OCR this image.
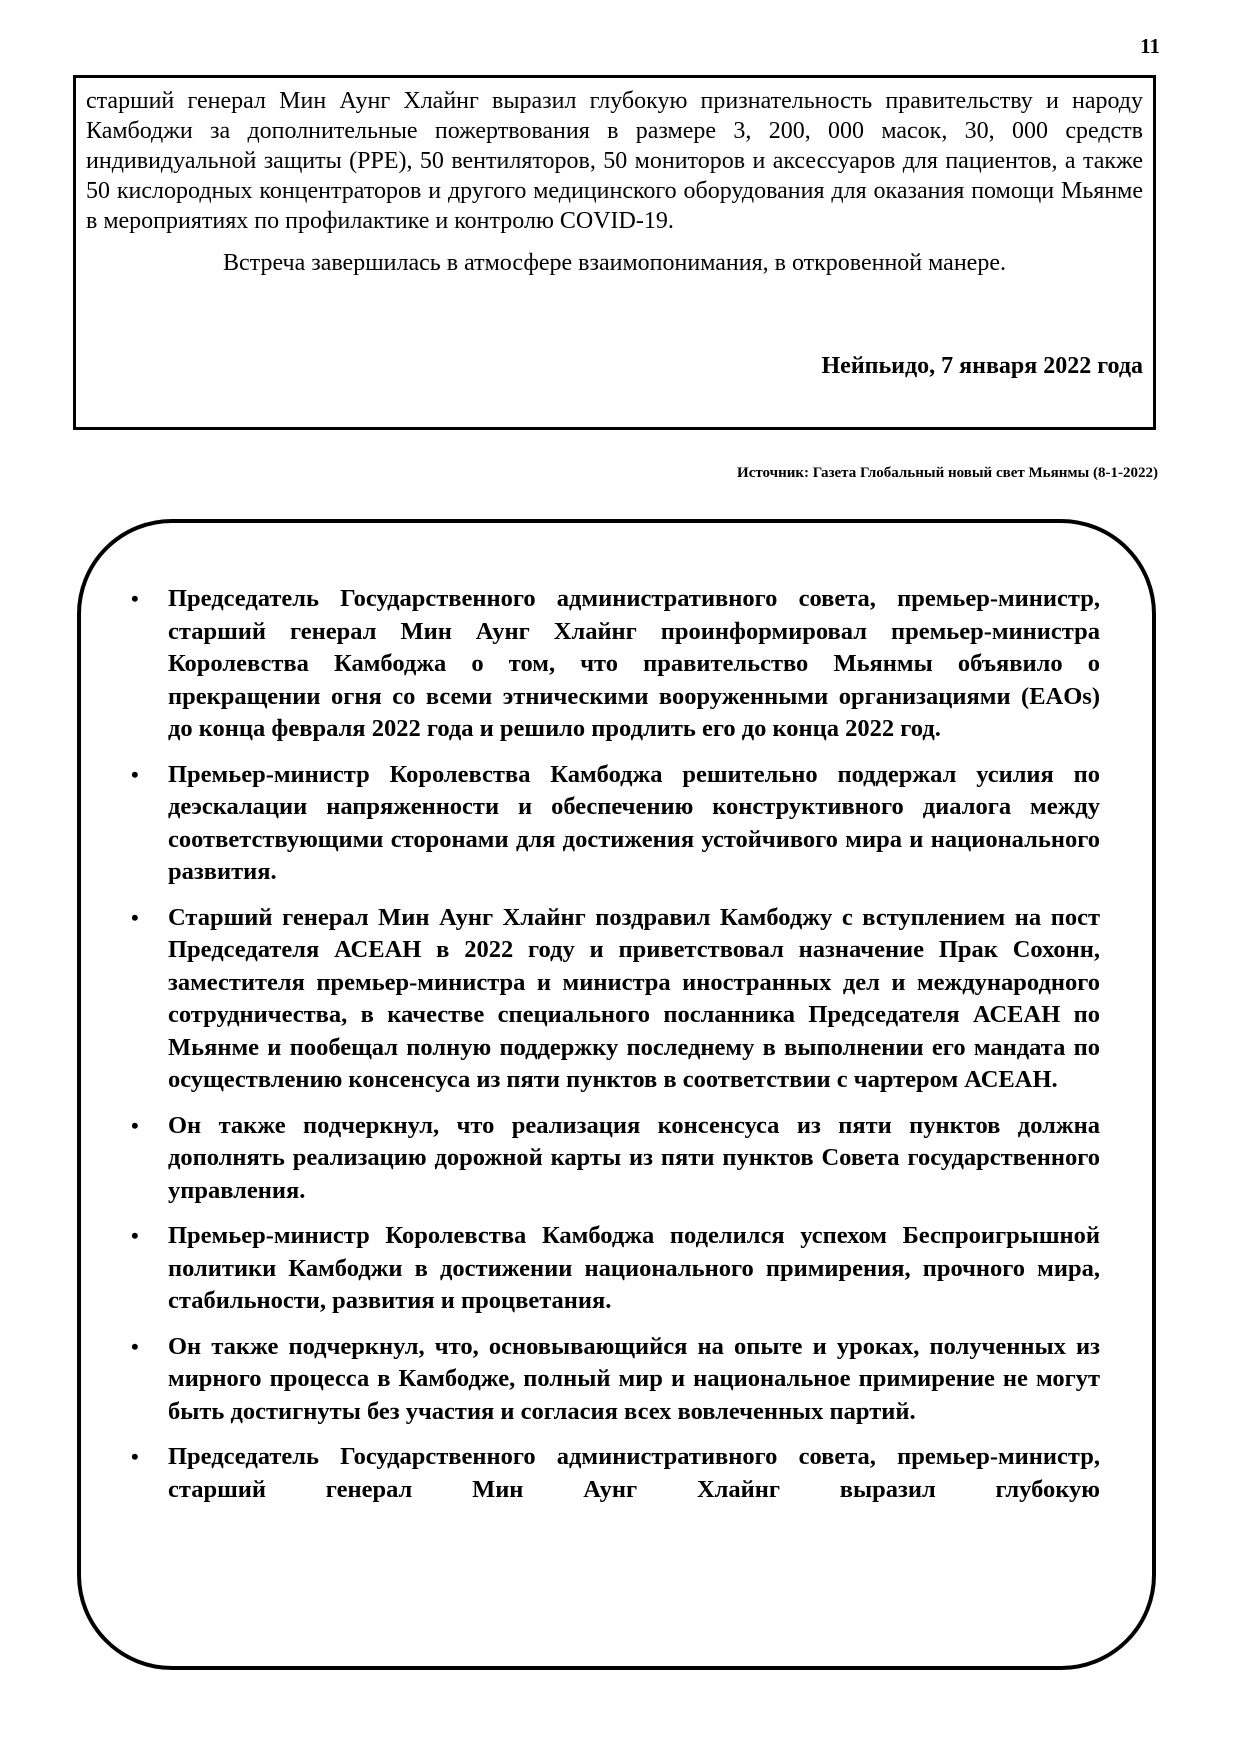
11

старший генерал Мин Аунг Хлайнг выразил глубокую признательность правительству и народу Камбоджи за дополнительные пожертвования в размере 3, 200, 000 масок, 30, 000 средств индивидуальной защиты (PPE), 50 вентиляторов, 50 мониторов и аксессуаров для пациентов, а также 50 кислородных концентраторов и другого медицинского оборудования для оказания помощи Мьянме в мероприятиях по профилактике и контролю COVID-19.

Встреча завершилась в атмосфере взаимопонимания, в откровенной манере.

Нейпьидо, 7 января 2022 года
Источник: Газета Глобальный новый свет Мьянмы (8-1-2022)
• Председатель Государственного административного совета, премьер-министр, старший генерал Мин Аунг Хлайнг проинформировал премьер-министра Королевства Камбоджа о том, что правительство Мьянмы объявило о прекращении огня со всеми этническими вооруженными организациями (EAOs) до конца февраля 2022 года и решило продлить его до конца 2022 год.
• Премьер-министр Королевства Камбоджа решительно поддержал усилия по деэскалации напряженности и обеспечению конструктивного диалога между соответствующими сторонами для достижения устойчивого мира и национального развития.
• Старший генерал Мин Аунг Хлайнг поздравил Камбоджу с вступлением на пост Председателя АСЕАН в 2022 году и приветствовал назначение Прак Сохонн, заместителя премьер-министра и министра иностранных дел и международного сотрудничества, в качестве специального посланника Председателя АСЕАН по Мьянме и пообещал полную поддержку последнему в выполнении его мандата по осуществлению консенсуса из пяти пунктов в соответствии с чартером АСЕАН.
• Он также подчеркнул, что реализация консенсуса из пяти пунктов должна дополнять реализацию дорожной карты из пяти пунктов Совета государственного управления.
• Премьер-министр Королевства Камбоджа поделился успехом Беспроигрышной политики Камбоджи в достижении национального примирения, прочного мира, стабильности, развития и процветания.
• Он также подчеркнул, что, основывающийся на опыте и уроках, полученных из мирного процесса в Камбодже, полный мир и национальное примирение не могут быть достигнуты без участия и согласия всех вовлеченных партий.
• Председатель Государственного административного совета, премьер-министр, старший генерал Мин Аунг Хлайнг выразил глубокую
